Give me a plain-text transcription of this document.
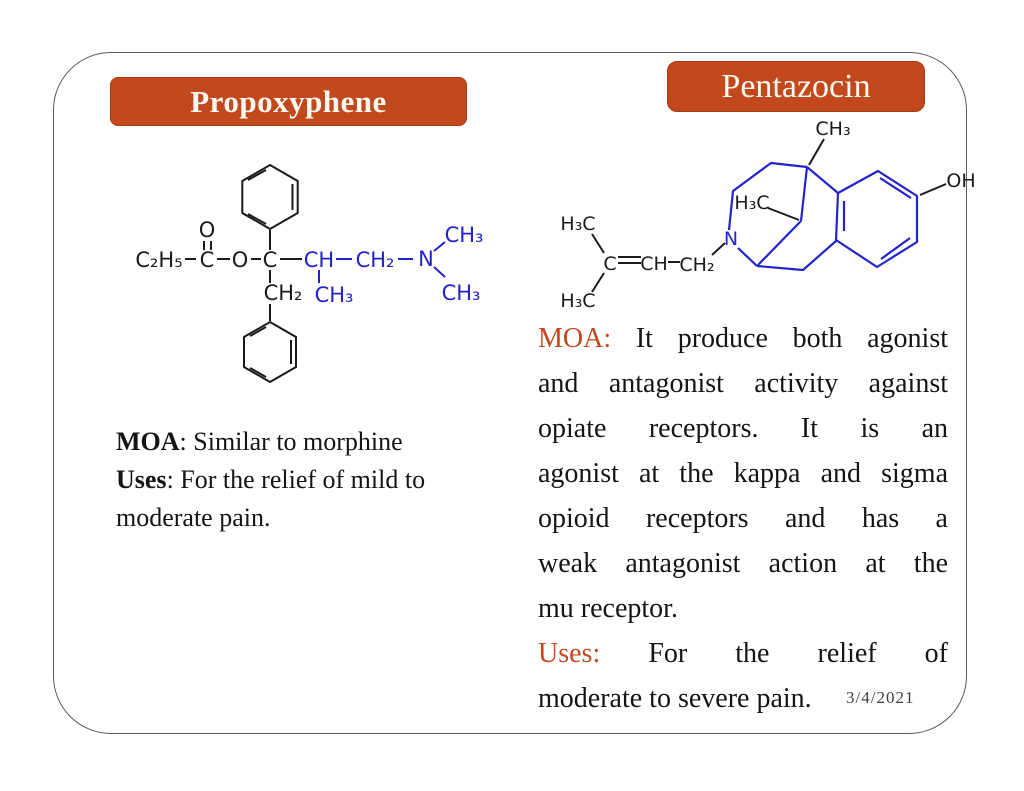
Propoxyphene	Pentazocin
C₂H₅ C
O
O C
CH₂
CH CH₂ N
CH₃
CH₃
CH₃
H₃C
C CH CH₂
H₃C
H₃C
CH₃
OH
N
MOA: Similar to morphine
Uses: For the relief of mild to
moderate pain.
MOA: It produce both agonist
and antagonist activity against
opiate receptors. It is an
agonist at the kappa and sigma
opioid receptors and has a
weak antagonist action at the
mu receptor.
Uses: For the relief of
moderate to severe pain.	3/4/2021
